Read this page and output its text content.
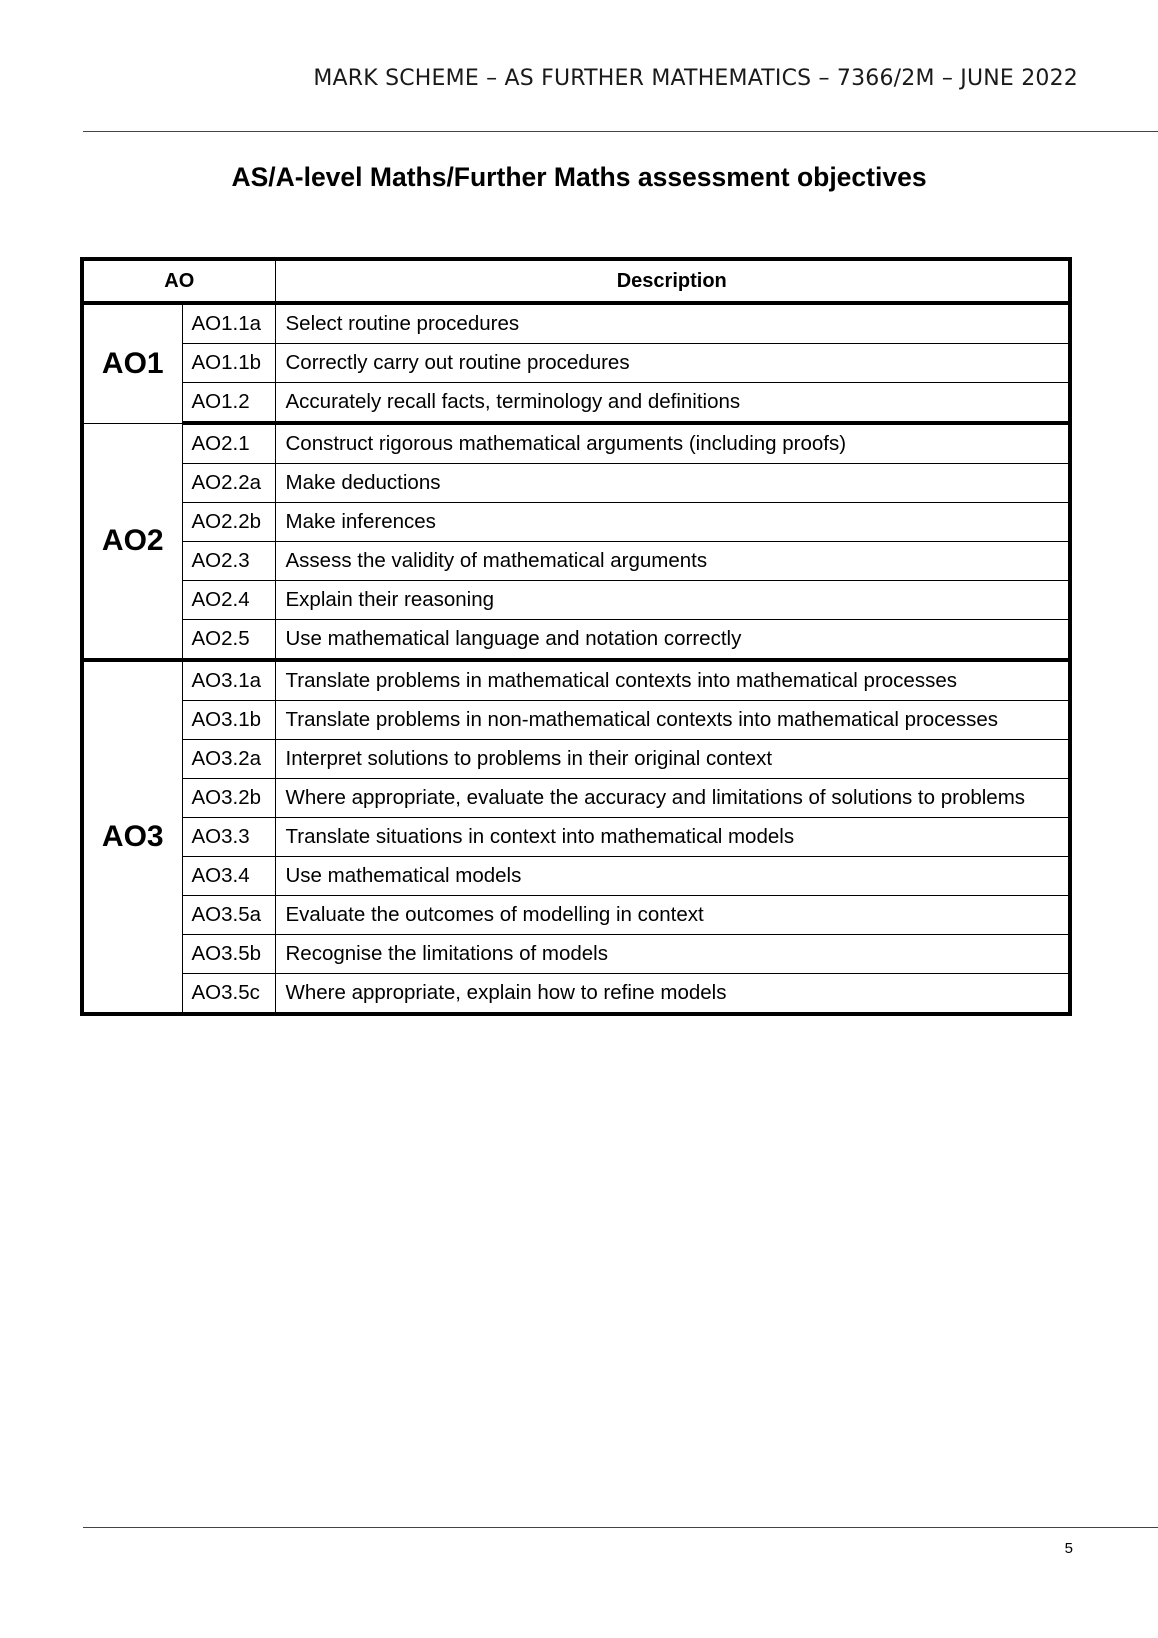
MARK SCHEME – AS FURTHER MATHEMATICS – 7366/2M – JUNE 2022
AS/A-level Maths/Further Maths assessment objectives
AO		Description
AO1	AO1.1a	Select routine procedures
	AO1.1b	Correctly carry out routine procedures
	AO1.2	Accurately recall facts, terminology and definitions
AO2	AO2.1	Construct rigorous mathematical arguments (including proofs)
	AO2.2a	Make deductions
	AO2.2b	Make inferences
	AO2.3	Assess the validity of mathematical arguments
	AO2.4	Explain their reasoning
	AO2.5	Use mathematical language and notation correctly
AO3	AO3.1a	Translate problems in mathematical contexts into mathematical processes
	AO3.1b	Translate problems in non-mathematical contexts into mathematical processes
	AO3.2a	Interpret solutions to problems in their original context
	AO3.2b	Where appropriate, evaluate the accuracy and limitations of solutions to problems
	AO3.3	Translate situations in context into mathematical models
	AO3.4	Use mathematical models
	AO3.5a	Evaluate the outcomes of modelling in context
	AO3.5b	Recognise the limitations of models
	AO3.5c	Where appropriate, explain how to refine models
5
